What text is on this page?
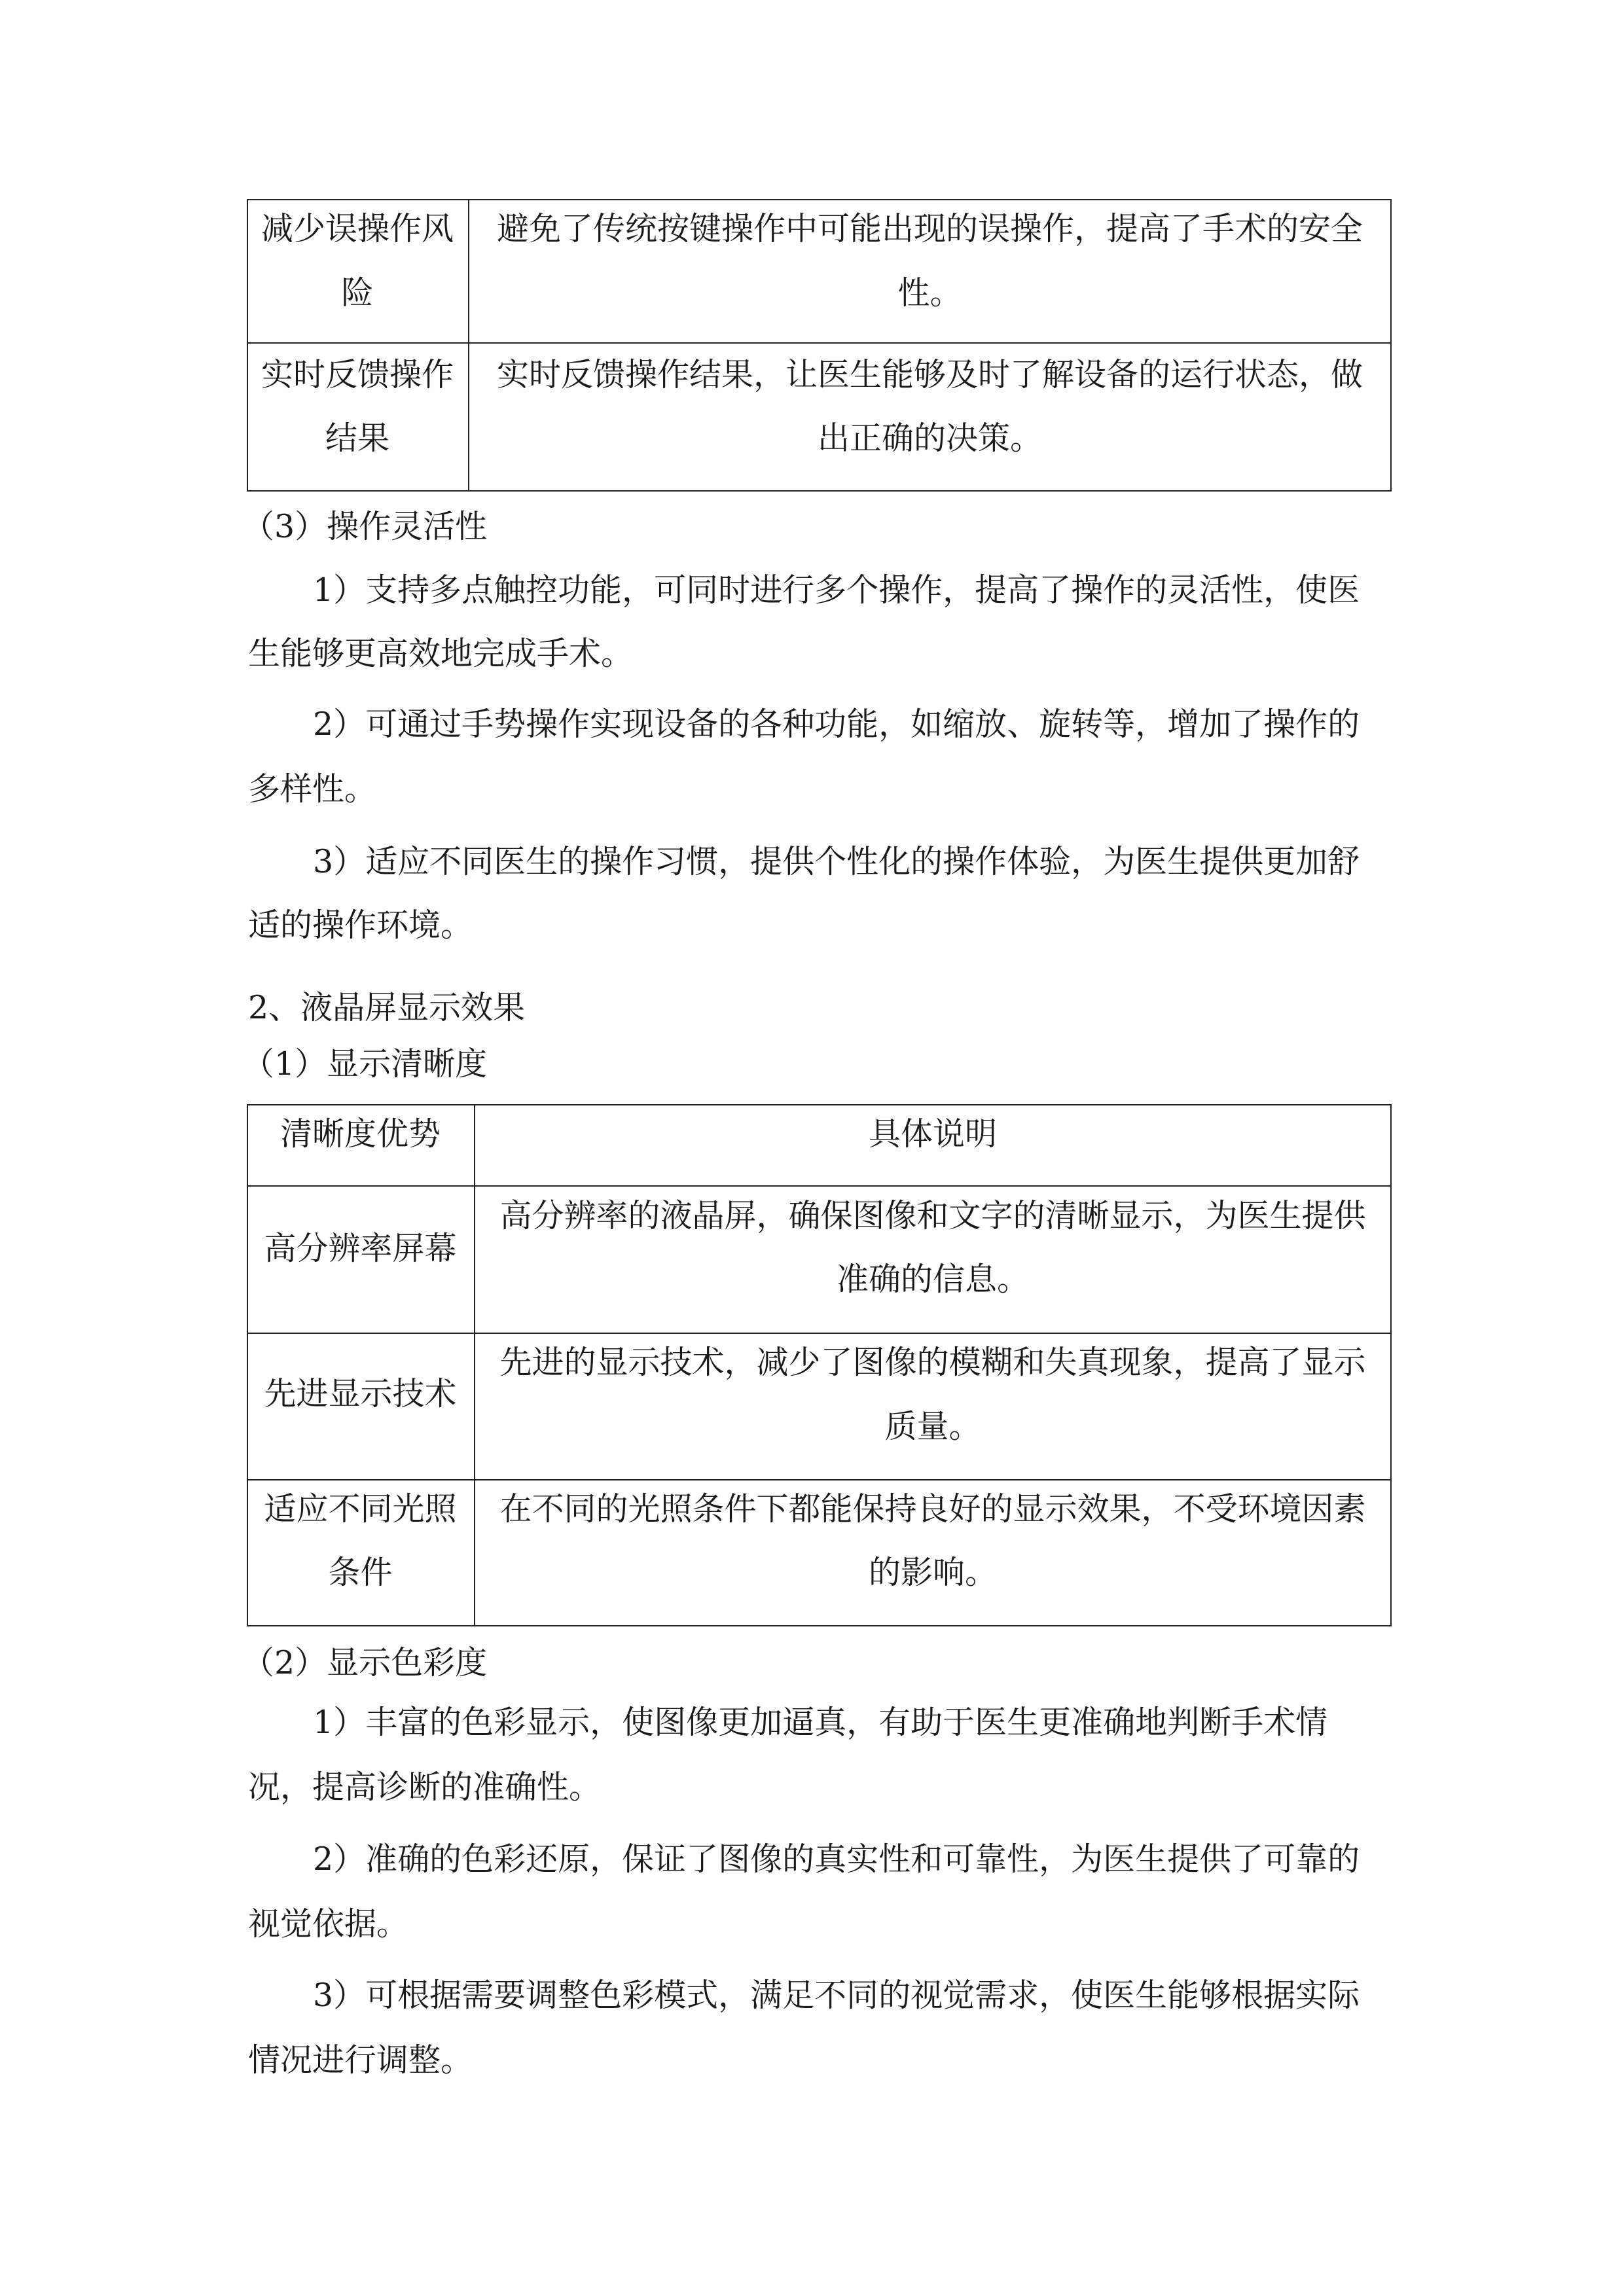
减少误操作风
险
避免了传统按键操作中可能出现的误操作，提高了手术的安全
性。
实时反馈操作
结果
实时反馈操作结果，让医生能够及时了解设备的运行状态，做
出正确的决策。
（3）操作灵活性
1）支持多点触控功能，可同时进行多个操作，提高了操作的灵活性，使医
生能够更高效地完成手术。
2）可通过手势操作实现设备的各种功能，如缩放、旋转等，增加了操作的
多样性。
3）适应不同医生的操作习惯，提供个性化的操作体验，为医生提供更加舒
适的操作环境。
2、液晶屏显示效果
（1）显示清晰度
清晰度优势	具体说明
高分辨率屏幕
高分辨率的液晶屏，确保图像和文字的清晰显示，为医生提供
准确的信息。
先进显示技术
先进的显示技术，减少了图像的模糊和失真现象，提高了显示
质量。
适应不同光照
条件
在不同的光照条件下都能保持良好的显示效果，不受环境因素
的影响。
（2）显示色彩度
1）丰富的色彩显示，使图像更加逼真，有助于医生更准确地判断手术情
况，提高诊断的准确性。
2）准确的色彩还原，保证了图像的真实性和可靠性，为医生提供了可靠的
视觉依据。
3）可根据需要调整色彩模式，满足不同的视觉需求，使医生能够根据实际
情况进行调整。
